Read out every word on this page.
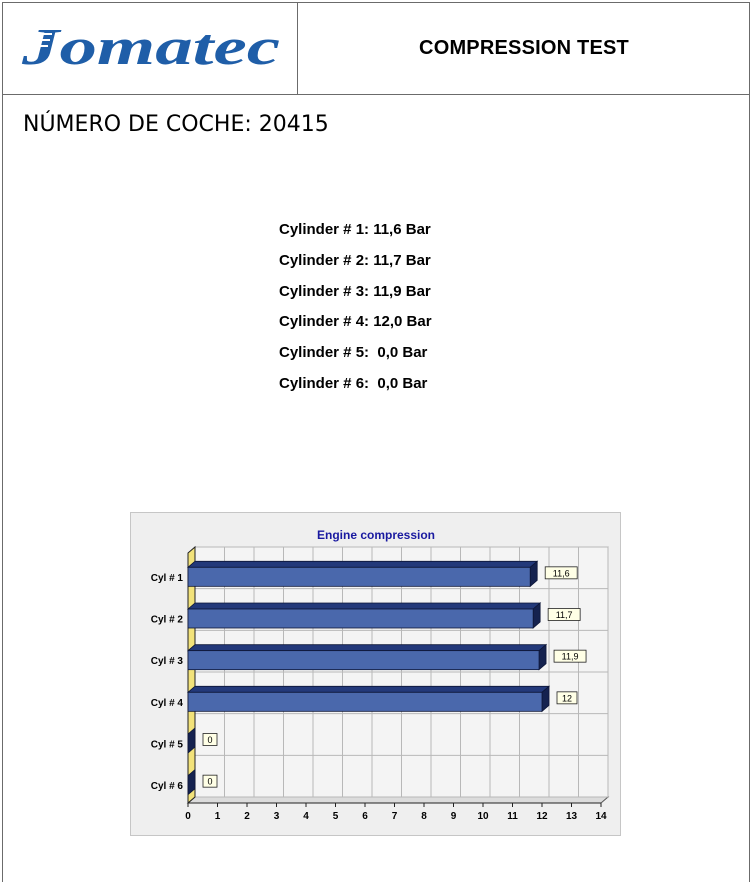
Jomatec	COMPRESSION TEST
NÚMERO DE COCHE: 20415
Cylinder # 1: 11,6 Bar
Cylinder # 2: 11,7 Bar
Cylinder # 3: 11,9 Bar
Cylinder # 4: 12,0 Bar
Cylinder # 5:  0,0 Bar
Cylinder # 6:  0,0 Bar
Engine compression
0 1 2 3 4 5 6 7 8 9 10 11 12 13 14
Cyl # 1	11,6
Cyl # 2	11,7
Cyl # 3	11,9
Cyl # 4	12
Cyl # 5	0
Cyl # 6	0
